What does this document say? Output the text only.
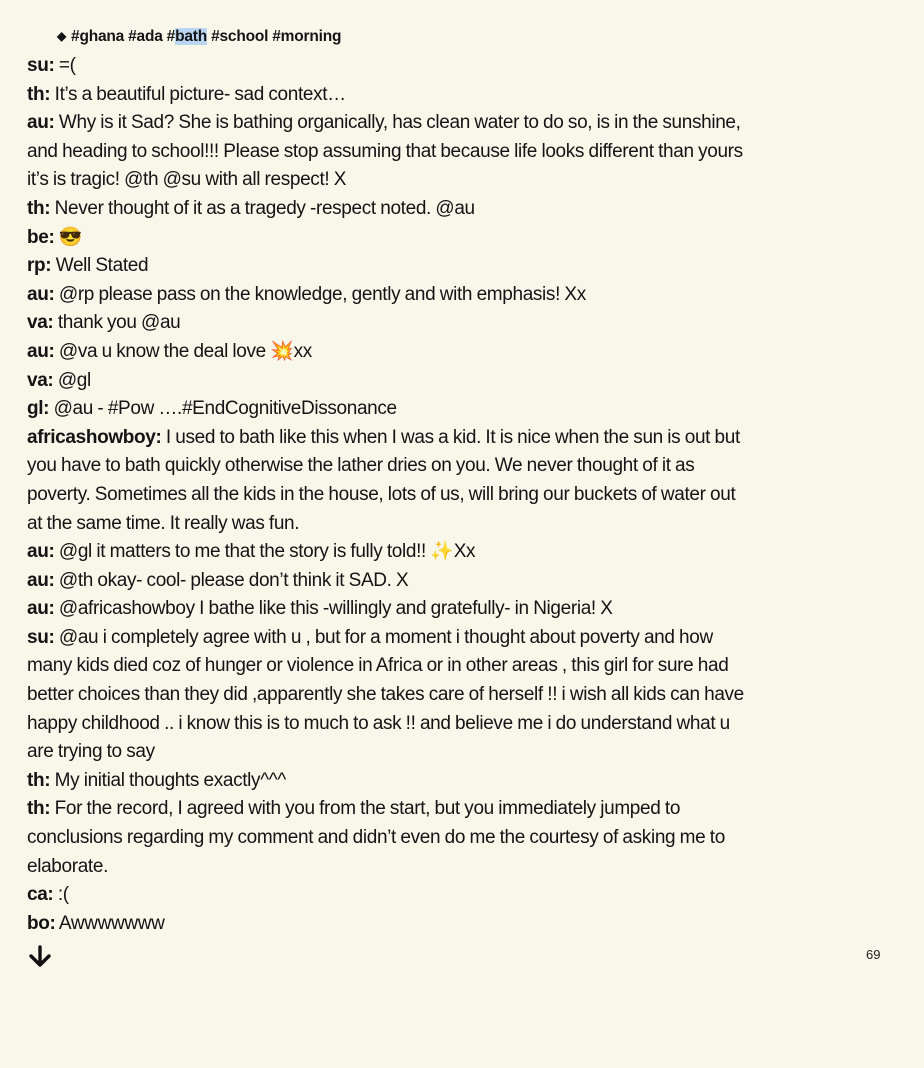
◆ #ghana #ada #bath #school #morning

su: =(

th: It’s a beautiful picture- sad context…

au: Why is it Sad? She is bathing organically, has clean water to do so, is in the sunshine, and heading to school!!! Please stop assuming that because life looks different than yours it’s is tragic! @th @su with all respect! X

th: Never thought of it as a tragedy -respect noted. @au

be: 😎

rp: Well Stated

au: @rp please pass on the knowledge, gently and with emphasis! Xx

va: thank you @au

au: @va u know the deal love 💥xx

va: @gl

gl: @au - #Pow ….#EndCognitiveDissonance

africashowboy: I used to bath like this when I was a kid. It is nice when the sun is out but you have to bath quickly otherwise the lather dries on you. We never thought of it as poverty. Sometimes all the kids in the house, lots of us, will bring our buckets of water out at the same time. It really was fun.

au: @gl it matters to me that the story is fully told!! ✨Xx

au: @th okay- cool- please don’t think it SAD. X

au: @africashowboy I bathe like this -willingly and gratefully- in Nigeria! X

su: @au i completely agree with u , but for a moment i thought about poverty and how many kids died coz of hunger or violence in Africa or in other areas , this girl for sure had better choices than they did ,apparently she takes care of herself !! i wish all kids can have happy childhood .. i know this is to much to ask !! and believe me i do understand what u are trying to say

th: My initial thoughts exactly^^^

th: For the record, I agreed with you from the start, but you immediately jumped to conclusions regarding my comment and didn’t even do me the courtesy of asking me to elaborate.

ca: :(

bo: Awwwwwww

69
